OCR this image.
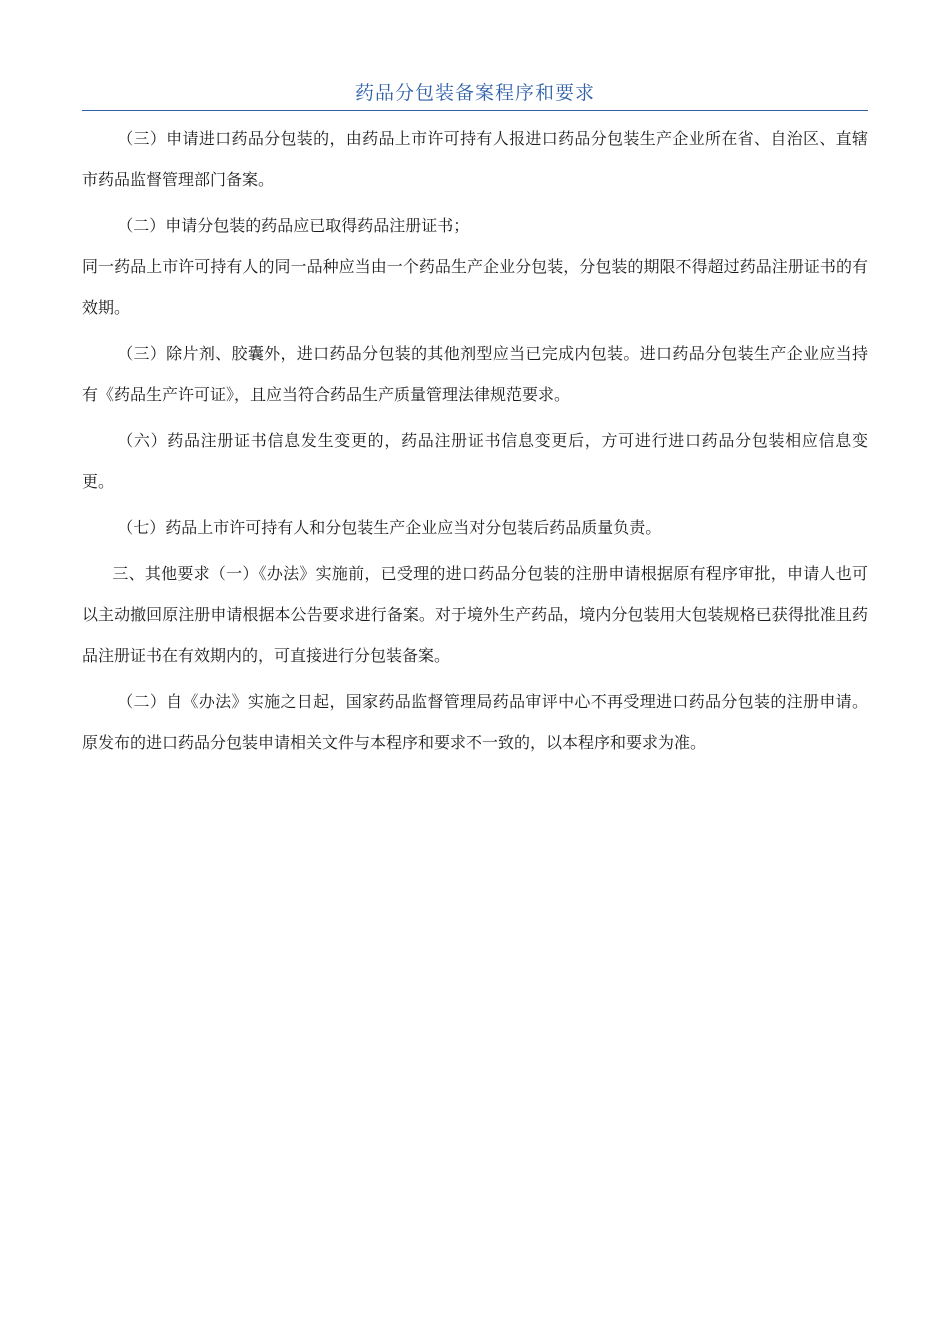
药品分包装备案程序和要求

（三）申请进口药品分包装的，由药品上市许可持有人报进口药品分包装生产企业所在省、自治区、直辖市药品监督管理部门备案。

（二）申请分包装的药品应已取得药品注册证书；

同一药品上市许可持有人的同一品种应当由一个药品生产企业分包装，分包装的期限不得超过药品注册证书的有效期。

（三）除片剂、胶囊外，进口药品分包装的其他剂型应当已完成内包装。进口药品分包装生产企业应当持有《药品生产许可证》，且应当符合药品生产质量管理法律规范要求。

（六）药品注册证书信息发生变更的，药品注册证书信息变更后，方可进行进口药品分包装相应信息变更。

（七）药品上市许可持有人和分包装生产企业应当对分包装后药品质量负责。

三、其他要求（一）《办法》实施前，已受理的进口药品分包装的注册申请根据原有程序审批，申请人也可以主动撤回原注册申请根据本公告要求进行备案。对于境外生产药品，境内分包装用大包装规格已获得批准且药品注册证书在有效期内的，可直接进行分包装备案。

（二）自《办法》实施之日起，国家药品监督管理局药品审评中心不再受理进口药品分包装的注册申请。原发布的进口药品分包装申请相关文件与本程序和要求不一致的，以本程序和要求为准。
